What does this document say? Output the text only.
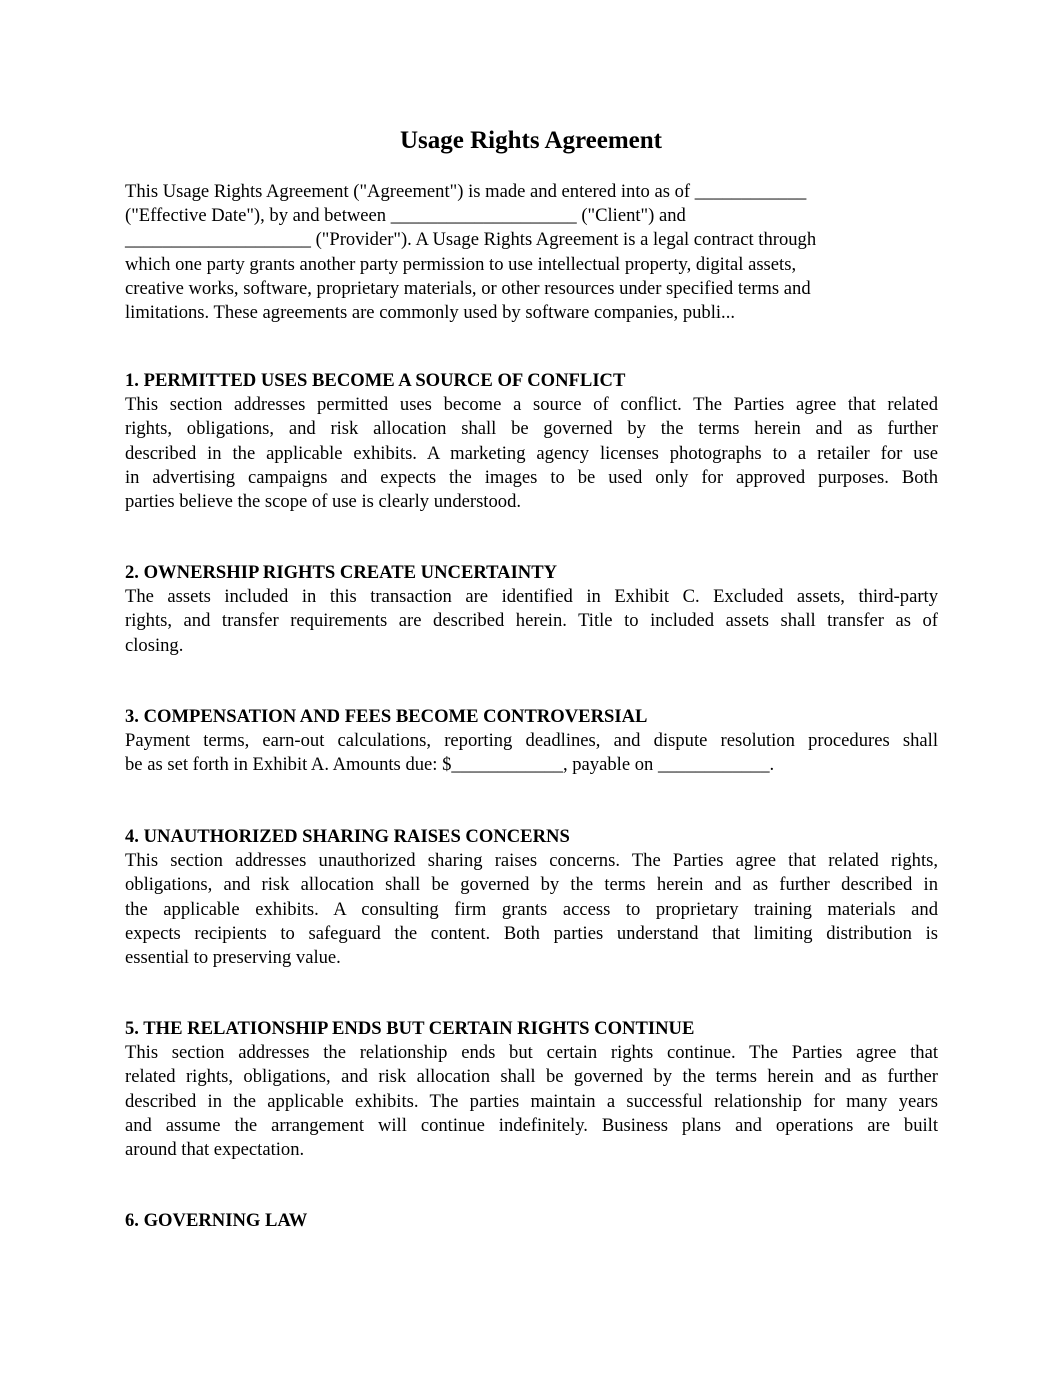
Usage Rights Agreement

This Usage Rights Agreement ("Agreement") is made and entered into as of ____________
("Effective Date"), by and between ____________________ ("Client") and
____________________ ("Provider"). A Usage Rights Agreement is a legal contract through
which one party grants another party permission to use intellectual property, digital assets,
creative works, software, proprietary materials, or other resources under specified terms and
limitations. These agreements are commonly used by software companies, publi...

1. PERMITTED USES BECOME A SOURCE OF CONFLICT

This section addresses permitted uses become a source of conflict. The Parties agree that related
rights, obligations, and risk allocation shall be governed by the terms herein and as further
described in the applicable exhibits. A marketing agency licenses photographs to a retailer for use
in advertising campaigns and expects the images to be used only for approved purposes. Both
parties believe the scope of use is clearly understood.

2. OWNERSHIP RIGHTS CREATE UNCERTAINTY

The assets included in this transaction are identified in Exhibit C. Excluded assets, third-party
rights, and transfer requirements are described herein. Title to included assets shall transfer as of
closing.

3. COMPENSATION AND FEES BECOME CONTROVERSIAL

Payment terms, earn-out calculations, reporting deadlines, and dispute resolution procedures shall
be as set forth in Exhibit A. Amounts due: $____________, payable on ____________.

4. UNAUTHORIZED SHARING RAISES CONCERNS

This section addresses unauthorized sharing raises concerns. The Parties agree that related rights,
obligations, and risk allocation shall be governed by the terms herein and as further described in
the applicable exhibits. A consulting firm grants access to proprietary training materials and
expects recipients to safeguard the content. Both parties understand that limiting distribution is
essential to preserving value.

5. THE RELATIONSHIP ENDS BUT CERTAIN RIGHTS CONTINUE

This section addresses the relationship ends but certain rights continue. The Parties agree that
related rights, obligations, and risk allocation shall be governed by the terms herein and as further
described in the applicable exhibits. The parties maintain a successful relationship for many years
and assume the arrangement will continue indefinitely. Business plans and operations are built
around that expectation.

6. GOVERNING LAW
